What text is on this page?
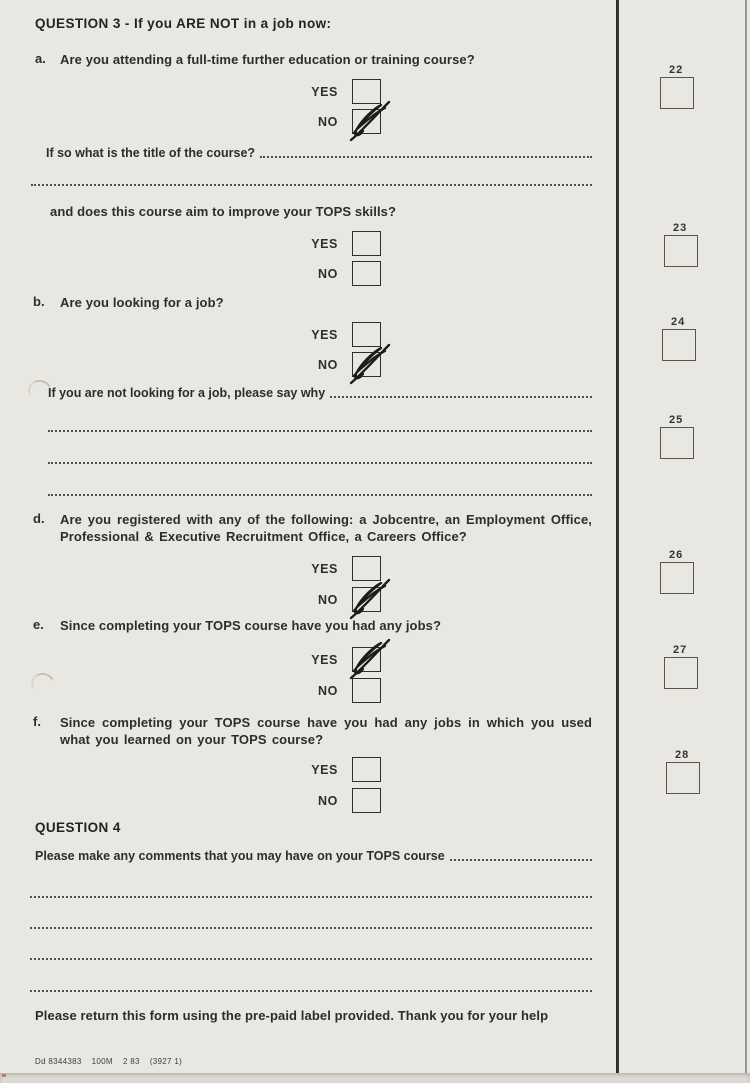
QUESTION 3 - If you ARE NOT in a job now:
a. Are you attending a full-time further education or training course?
YES
NO
If so what is the title of the course?
and does this course aim to improve your TOPS skills?
YES
NO
b. Are you looking for a job?
YES
NO
If you are not looking for a job, please say why
d. Are you registered with any of the following: a Jobcentre, an Employment Office, Professional & Executive Recruitment Office, a Careers Office?
YES
NO
e. Since completing your TOPS course have you had any jobs?
YES
NO
f. Since completing your TOPS course have you had any jobs in which you used what you learned on your TOPS course?
YES
NO
QUESTION 4
Please make any comments that you may have on your TOPS course
Please return this form using the pre-paid label provided. Thank you for your help
Dd 8344383    100M    2 83    (3927 1)
22
23
24
25
26
27
28
